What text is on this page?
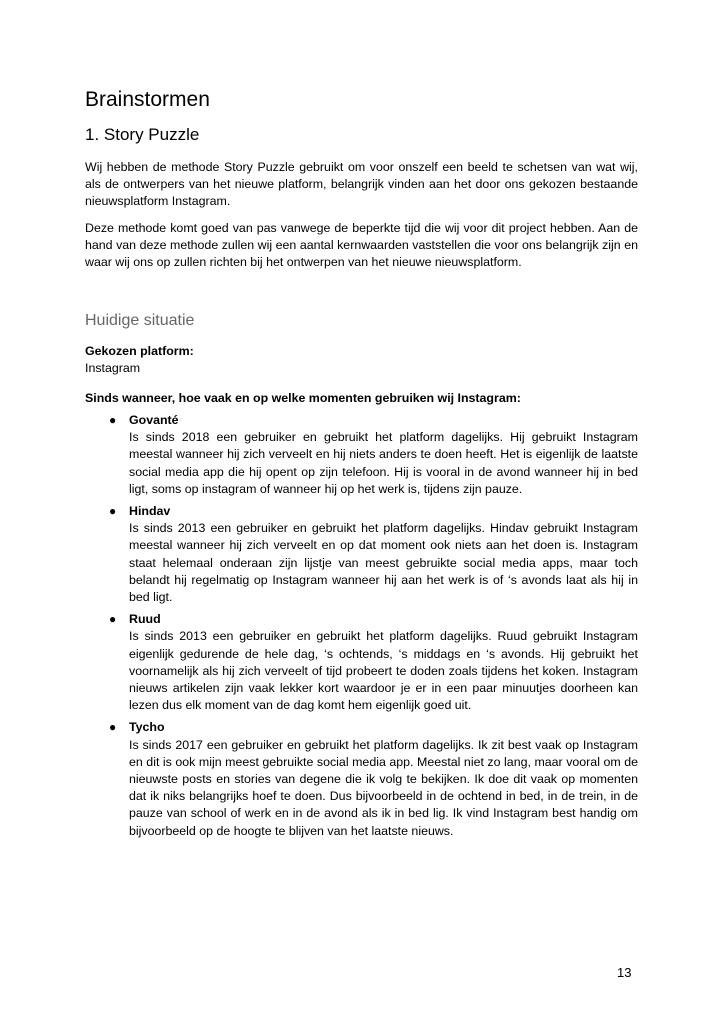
Brainstormen
1. Story Puzzle

Wij hebben de methode Story Puzzle gebruikt om voor onszelf een beeld te schetsen van wat wij, als de ontwerpers van het nieuwe platform, belangrijk vinden aan het door ons gekozen bestaande nieuwsplatform Instagram.

Deze methode komt goed van pas vanwege de beperkte tijd die wij voor dit project hebben. Aan de hand van deze methode zullen wij een aantal kernwaarden vaststellen die voor ons belangrijk zijn en waar wij ons op zullen richten bij het ontwerpen van het nieuwe nieuwsplatform.

Huidige situatie
Gekozen platform:
Instagram
Sinds wanneer, hoe vaak en op welke momenten gebruiken wij Instagram:
● Govanté
Is sinds 2018 een gebruiker en gebruikt het platform dagelijks. Hij gebruikt Instagram meestal wanneer hij zich verveelt en hij niets anders te doen heeft. Het is eigenlijk de laatste social media app die hij opent op zijn telefoon. Hij is vooral in de avond wanneer hij in bed ligt, soms op instagram of wanneer hij op het werk is, tijdens zijn pauze.
● Hindav
Is sinds 2013 een gebruiker en gebruikt het platform dagelijks. Hindav gebruikt Instagram meestal wanneer hij zich verveelt en op dat moment ook niets aan het doen is. Instagram staat helemaal onderaan zijn lijstje van meest gebruikte social media apps, maar toch belandt hij regelmatig op Instagram wanneer hij aan het werk is of ‘s avonds laat als hij in bed ligt.
● Ruud
Is sinds 2013 een gebruiker en gebruikt het platform dagelijks. Ruud gebruikt Instagram eigenlijk gedurende de hele dag, ‘s ochtends, ‘s middags en ‘s avonds. Hij gebruikt het voornamelijk als hij zich verveelt of tijd probeert te doden zoals tijdens het koken. Instagram nieuws artikelen zijn vaak lekker kort waardoor je er in een paar minuutjes doorheen kan lezen dus elk moment van de dag komt hem eigenlijk goed uit.
● Tycho
Is sinds 2017 een gebruiker en gebruikt het platform dagelijks. Ik zit best vaak op Instagram en dit is ook mijn meest gebruikte social media app. Meestal niet zo lang, maar vooral om de nieuwste posts en stories van degene die ik volg te bekijken. Ik doe dit vaak op momenten dat ik niks belangrijks hoef te doen. Dus bijvoorbeeld in de ochtend in bed, in de trein, in de pauze van school of werk en in de avond als ik in bed lig. Ik vind Instagram best handig om bijvoorbeeld op de hoogte te blijven van het laatste nieuws.
13
